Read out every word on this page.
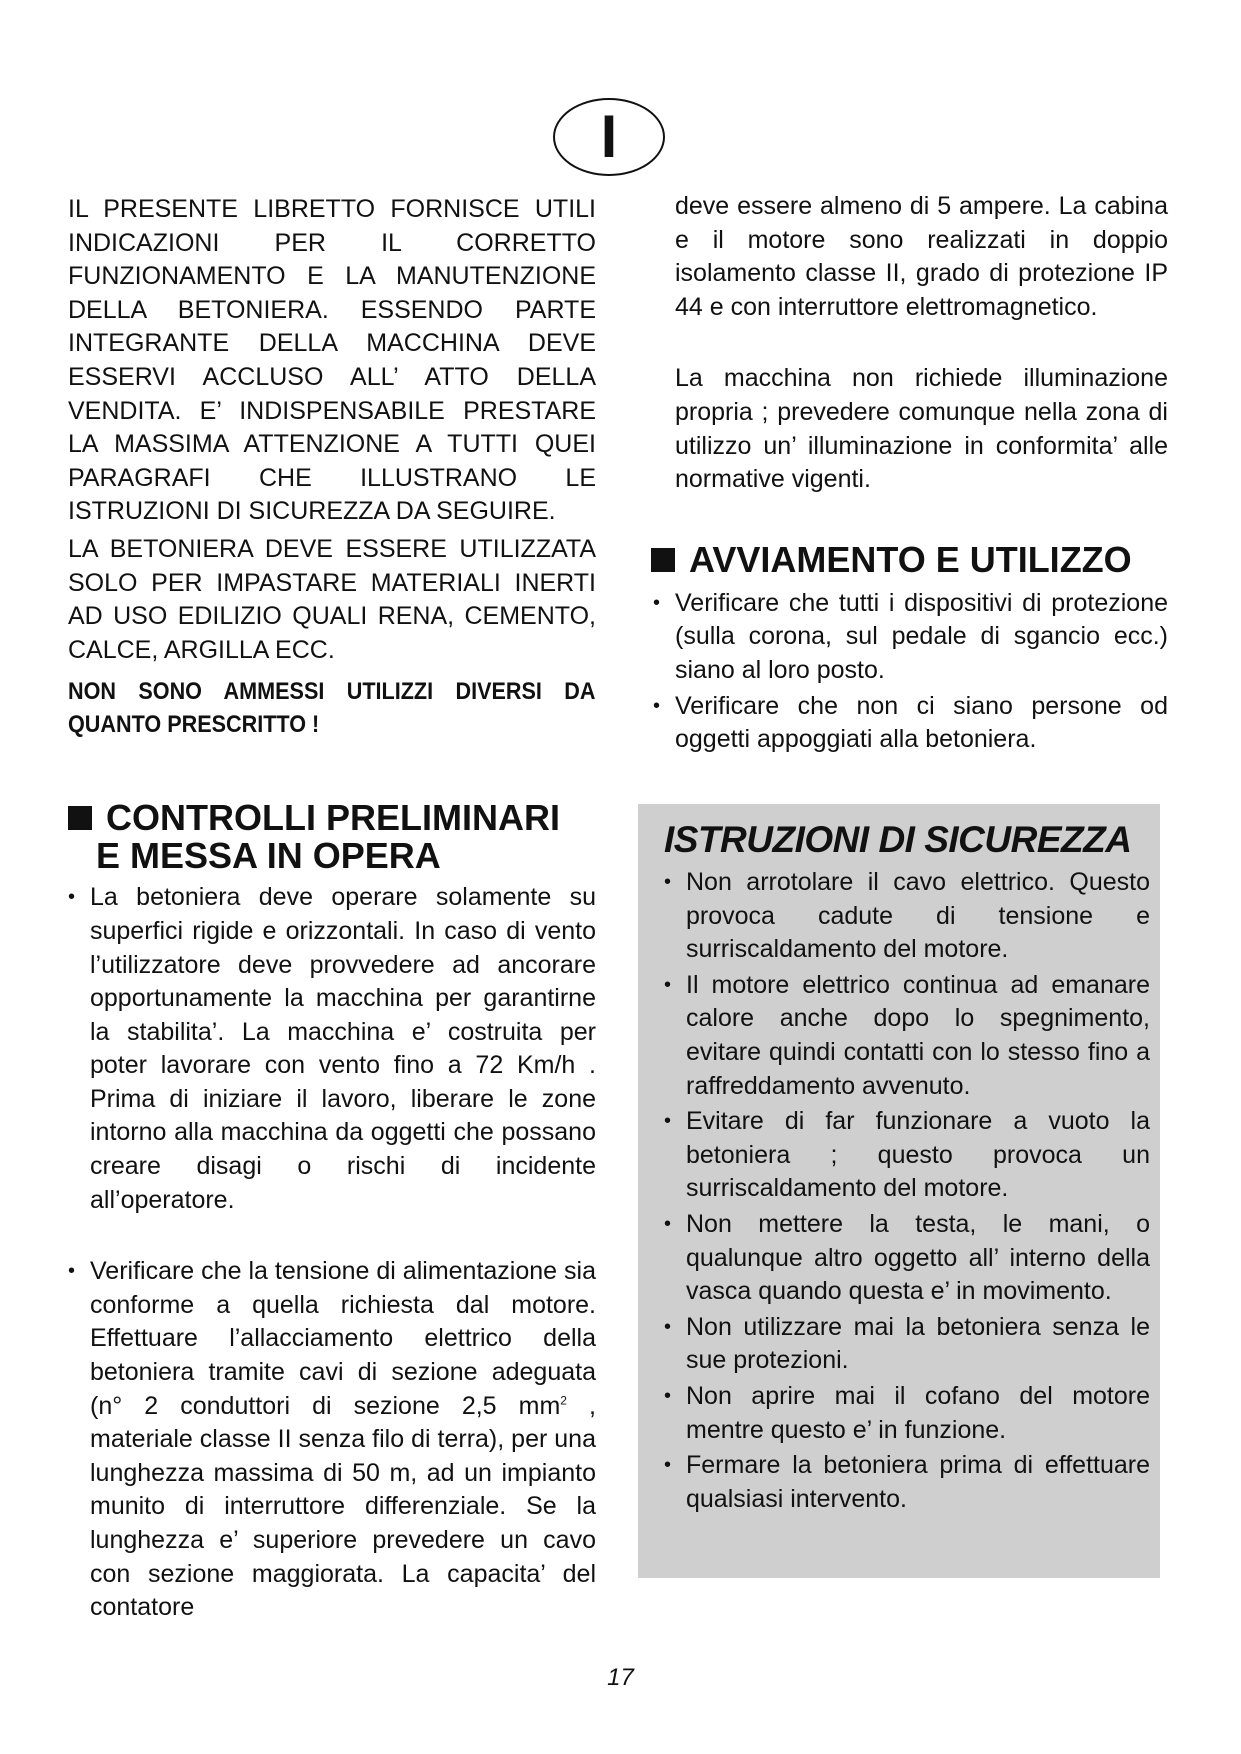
I

IL PRESENTE LIBRETTO FORNISCE UTILI INDICAZIONI PER IL CORRETTO FUNZIONAMENTO E LA MANUTENZIONE DELLA BETONIERA. ESSENDO PARTE INTEGRANTE DELLA MACCHINA DEVE ESSERVI ACCLUSO ALL’ ATTO DELLA VENDITA. E’ INDISPENSABILE PRESTARE LA MASSIMA ATTENZIONE A TUTTI QUEI PARAGRAFI CHE ILLUSTRANO LE ISTRUZIONI DI SICUREZZA DA SEGUIRE.

LA BETONIERA DEVE ESSERE UTILIZZATA SOLO PER IMPASTARE MATERIALI INERTI AD USO EDILIZIO QUALI RENA, CEMENTO, CALCE, ARGILLA ECC.

NON SONO AMMESSI UTILIZZI DIVERSI DA QUANTO PRESCRITTO !

CONTROLLI PRELIMINARI
E MESSA IN OPERA
• La betoniera deve operare solamente su superfici rigide e orizzontali. In caso di vento l’utilizzatore deve provvedere ad ancorare opportunamente la macchina per garantirne la stabilita’. La macchina e’ costruita per poter lavorare con vento fino a 72 Km/h . Prima di iniziare il lavoro, liberare le zone intorno alla macchina da oggetti che possano creare disagi o rischi di incidente all’operatore.
• Verificare che la tensione di alimentazione sia conforme a quella richiesta dal motore. Effettuare l’allacciamento elettrico della betoniera tramite cavi di sezione adeguata (n° 2 conduttori di sezione 2,5 $mm^2$ , materiale classe II senza filo di terra), per una lunghezza massima di 50 m, ad un impianto munito di interruttore differenziale. Se la lunghezza e’ superiore prevedere un cavo con sezione maggiorata. La capacita’ del contatore

deve essere almeno di 5 ampere. La cabina e il motore sono realizzati in doppio isolamento classe II, grado di protezione IP 44 e con interruttore elettromagnetico.

La macchina non richiede illuminazione propria ; prevedere comunque nella zona di utilizzo un’ illuminazione in conformita’ alle normative vigenti.

AVVIAMENTO E UTILIZZO
• Verificare che tutti i dispositivi di protezione (sulla corona, sul pedale di sgancio ecc.) siano al loro posto.
• Verificare che non ci siano persone od oggetti appoggiati alla betoniera.
ISTRUZIONI DI SICUREZZA
• Non arrotolare il cavo elettrico. Questo provoca cadute di tensione e surriscaldamento del motore.
• Il motore elettrico continua ad emanare calore anche dopo lo spegnimento, evitare quindi contatti con lo stesso fino a raffreddamento avvenuto.
• Evitare di far funzionare a vuoto la betoniera ; questo provoca un surriscaldamento del motore.
• Non mettere la testa, le mani, o qualunque altro oggetto all’ interno della vasca quando questa e’ in movimento.
• Non utilizzare mai la betoniera senza le sue protezioni.
• Non aprire mai il cofano del motore mentre questo e’ in funzione.
• Fermare la betoniera prima di effettuare qualsiasi intervento.
17
